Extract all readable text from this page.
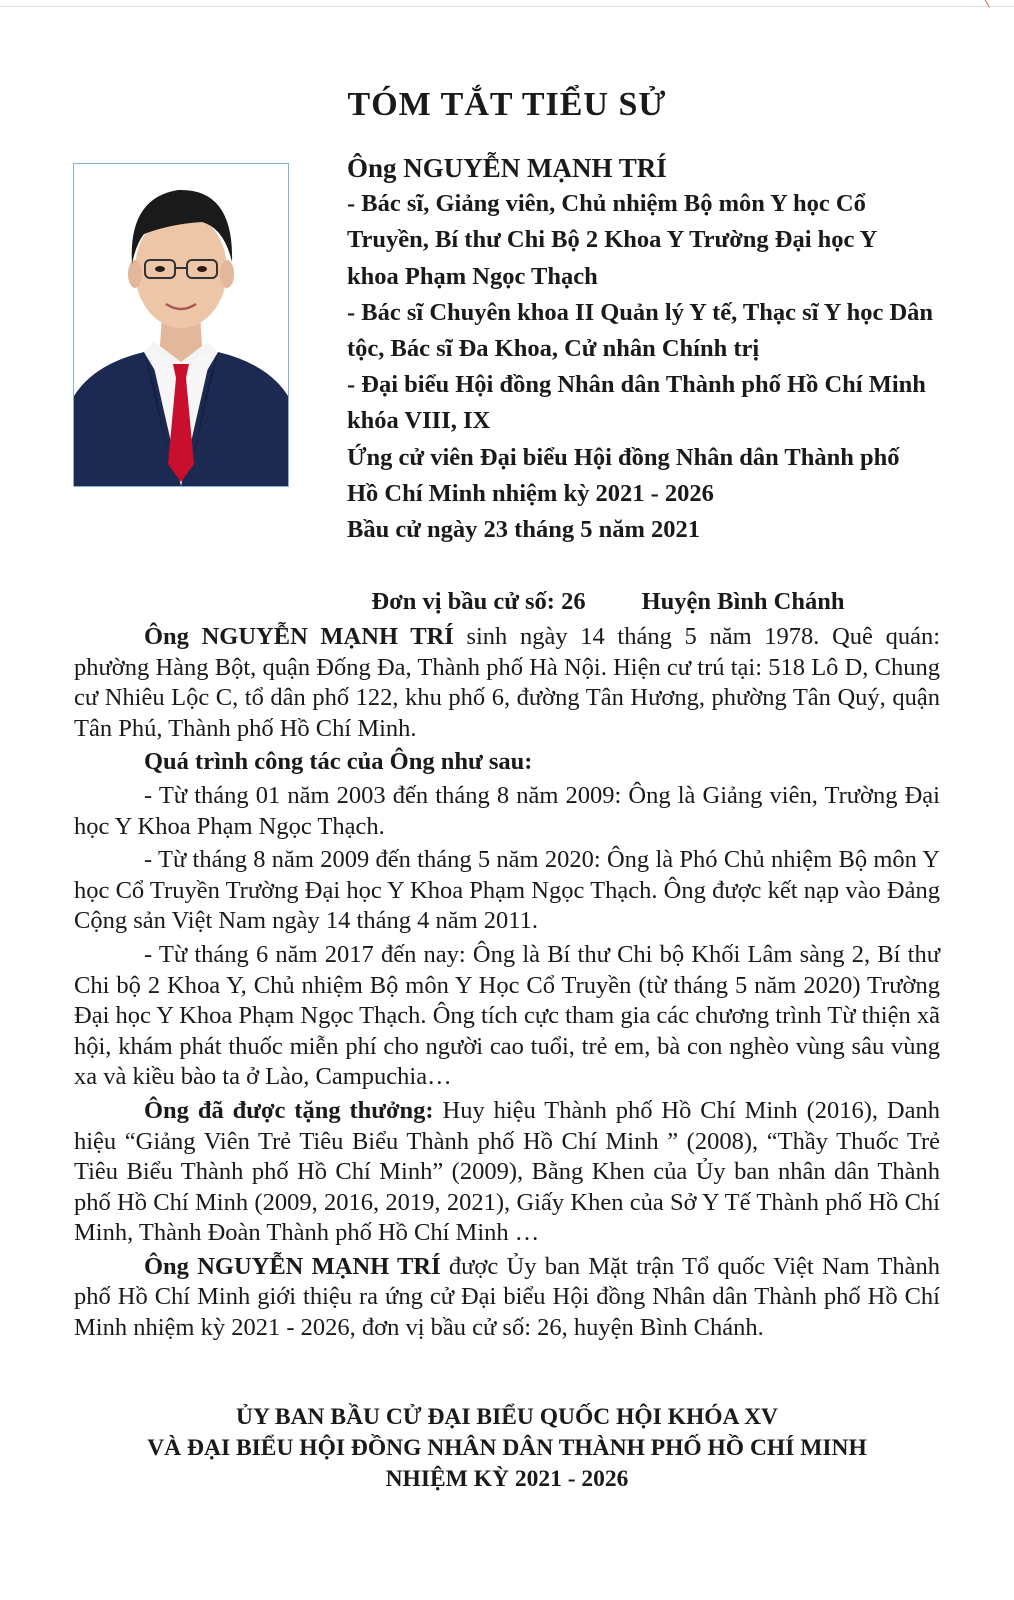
TÓM TẮT TIỂU SỬ
Ông NGUYỄN MẠNH TRÍ
- Bác sĩ, Giảng viên, Chủ nhiệm Bộ môn Y học Cổ
Truyền, Bí thư Chi Bộ 2 Khoa Y Trường Đại học Y
khoa Phạm Ngọc Thạch
- Bác sĩ Chuyên khoa II Quản lý Y tế, Thạc sĩ Y học Dân
tộc, Bác sĩ Đa Khoa, Cử nhân Chính trị
- Đại biểu Hội đồng Nhân dân Thành phố Hồ Chí Minh
khóa VIII, IX
Ứng cử viên Đại biểu Hội đồng Nhân dân Thành phố
Hồ Chí Minh nhiệm kỳ 2021 - 2026
Bầu cử ngày 23 tháng 5 năm 2021

Đơn vị bầu cử số: 26 Huyện Bình Chánh

Ông NGUYỄN MẠNH TRÍ sinh ngày 14 tháng 5 năm 1978. Quê quán: phường Hàng Bột, quận Đống Đa, Thành phố Hà Nội. Hiện cư trú tại: 518 Lô D, Chung cư Nhiêu Lộc C, tổ dân phố 122, khu phố 6, đường Tân Hương, phường Tân Quý, quận Tân Phú, Thành phố Hồ Chí Minh.

Quá trình công tác của Ông như sau:

- Từ tháng 01 năm 2003 đến tháng 8 năm 2009: Ông là Giảng viên, Trường Đại học Y Khoa Phạm Ngọc Thạch.

- Từ tháng 8 năm 2009 đến tháng 5 năm 2020: Ông là Phó Chủ nhiệm Bộ môn Y học Cổ Truyền Trường Đại học Y Khoa Phạm Ngọc Thạch. Ông được kết nạp vào Đảng Cộng sản Việt Nam ngày 14 tháng 4 năm 2011.

- Từ tháng 6 năm 2017 đến nay: Ông là Bí thư Chi bộ Khối Lâm sàng 2, Bí thư Chi bộ 2 Khoa Y, Chủ nhiệm Bộ môn Y Học Cổ Truyền (từ tháng 5 năm 2020) Trường Đại học Y Khoa Phạm Ngọc Thạch. Ông tích cực tham gia các chương trình Từ thiện xã hội, khám phát thuốc miễn phí cho người cao tuổi, trẻ em, bà con nghèo vùng sâu vùng xa và kiều bào ta ở Lào, Campuchia…

Ông đã được tặng thưởng: Huy hiệu Thành phố Hồ Chí Minh (2016), Danh hiệu “Giảng Viên Trẻ Tiêu Biểu Thành phố Hồ Chí Minh ” (2008), “Thầy Thuốc Trẻ Tiêu Biểu Thành phố Hồ Chí Minh” (2009), Bằng Khen của Ủy ban nhân dân Thành phố Hồ Chí Minh (2009, 2016, 2019, 2021), Giấy Khen của Sở Y Tế Thành phố Hồ Chí Minh, Thành Đoàn Thành phố Hồ Chí Minh …

Ông NGUYỄN MẠNH TRÍ được Ủy ban Mặt trận Tổ quốc Việt Nam Thành phố Hồ Chí Minh giới thiệu ra ứng cử Đại biểu Hội đồng Nhân dân Thành phố Hồ Chí Minh nhiệm kỳ 2021 - 2026, đơn vị bầu cử số: 26, huyện Bình Chánh.

ỦY BAN BẦU CỬ ĐẠI BIỂU QUỐC HỘI KHÓA XV
VÀ ĐẠI BIỂU HỘI ĐỒNG NHÂN DÂN THÀNH PHỐ HỒ CHÍ MINH
NHIỆM KỲ 2021 - 2026
